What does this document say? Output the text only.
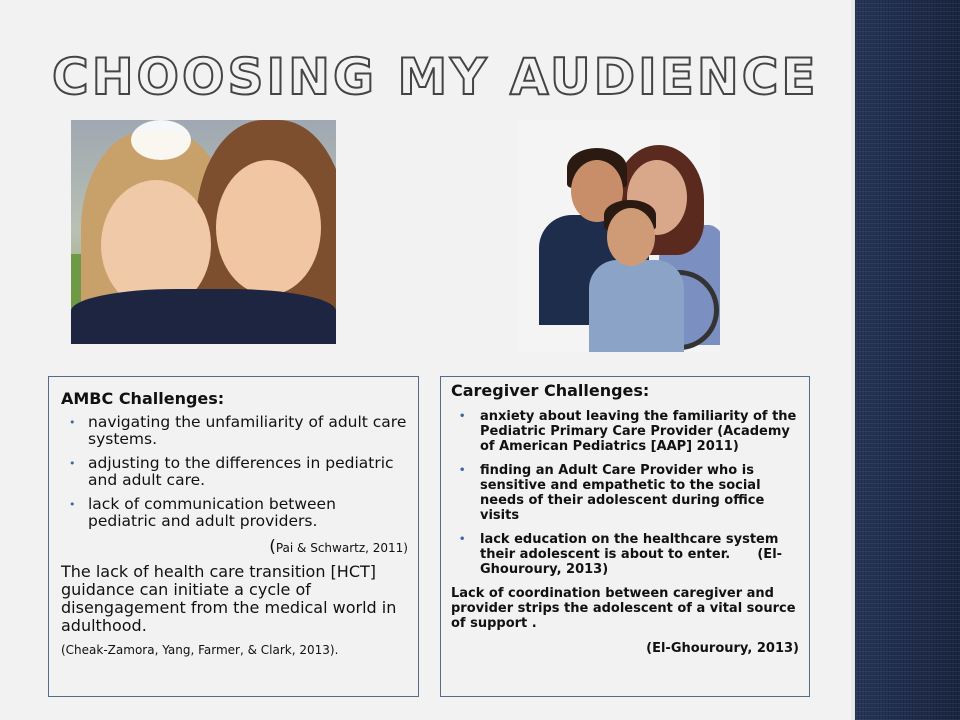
CHOOSING MY AUDIENCE

AMBC Challenges:

• navigating the unfamiliarity of adult care systems.
• adjusting to the differences in pediatric and adult care.
• lack of communication between pediatric and adult providers.

(Pai & Schwartz, 2011)

The lack of health care transition [HCT] guidance can initiate a cycle of disengagement from the medical world in adulthood.

(Cheak-Zamora, Yang, Farmer, & Clark, 2013).

Caregiver Challenges:

• anxiety about leaving the familiarity of the Pediatric Primary Care Provider (Academy of American Pediatrics [AAP] 2011)
• finding an Adult Care Provider who is sensitive and empathetic to the social needs of their adolescent during office visits
• lack education on the healthcare system their adolescent is about to enter.      (El-Ghouroury, 2013)

Lack of coordination between caregiver and provider strips the adolescent of a vital source of support .

(El-Ghouroury, 2013)
